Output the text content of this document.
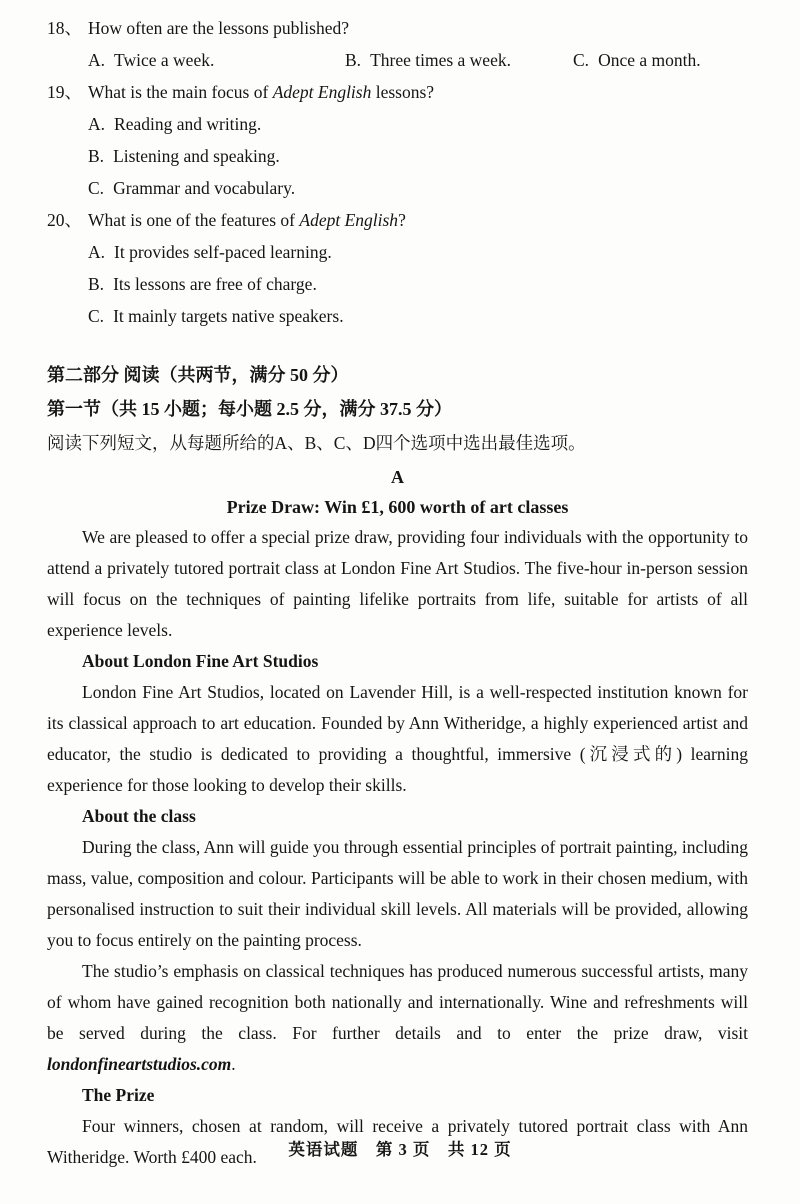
18、 How often are the lessons published?
A. Twice a week.	B. Three times a week.	C. Once a month.
19、 What is the main focus of Adept English lessons?
A. Reading and writing.
B. Listening and speaking.
C. Grammar and vocabulary.
20、 What is one of the features of Adept English?
A. It provides self-paced learning.
B. Its lessons are free of charge.
C. It mainly targets native speakers.
第二部分 阅读（共两节，满分 50 分）
第一节（共 15 小题；每小题 2.5 分，满分 37.5 分）
阅读下列短文，从每题所给的A、B、C、D四个选项中选出最佳选项。
A
Prize Draw: Win £1, 600 worth of art classes

We are pleased to offer a special prize draw, providing four individuals with the opportunity to attend a privately tutored portrait class at London Fine Art Studios. The five-hour in-person session will focus on the techniques of painting lifelike portraits from life, suitable for artists of all experience levels.

About London Fine Art Studios

London Fine Art Studios, located on Lavender Hill, is a well-respected institution known for its classical approach to art education. Founded by Ann Witheridge, a highly experienced artist and educator, the studio is dedicated to providing a thoughtful, immersive (沉浸式的) learning experience for those looking to develop their skills.

About the class

During the class, Ann will guide you through essential principles of portrait painting, including mass, value, composition and colour. Participants will be able to work in their chosen medium, with personalised instruction to suit their individual skill levels. All materials will be provided, allowing you to focus entirely on the painting process.

The studio’s emphasis on classical techniques has produced numerous successful artists, many of whom have gained recognition both nationally and internationally. Wine and refreshments will be served during the class. For further details and to enter the prize draw, visit londonfineartstudios.com.

The Prize

Four winners, chosen at random, will receive a privately tutored portrait class with Ann Witheridge. Worth £400 each.	英语试题　第 3 页　共 12 页
